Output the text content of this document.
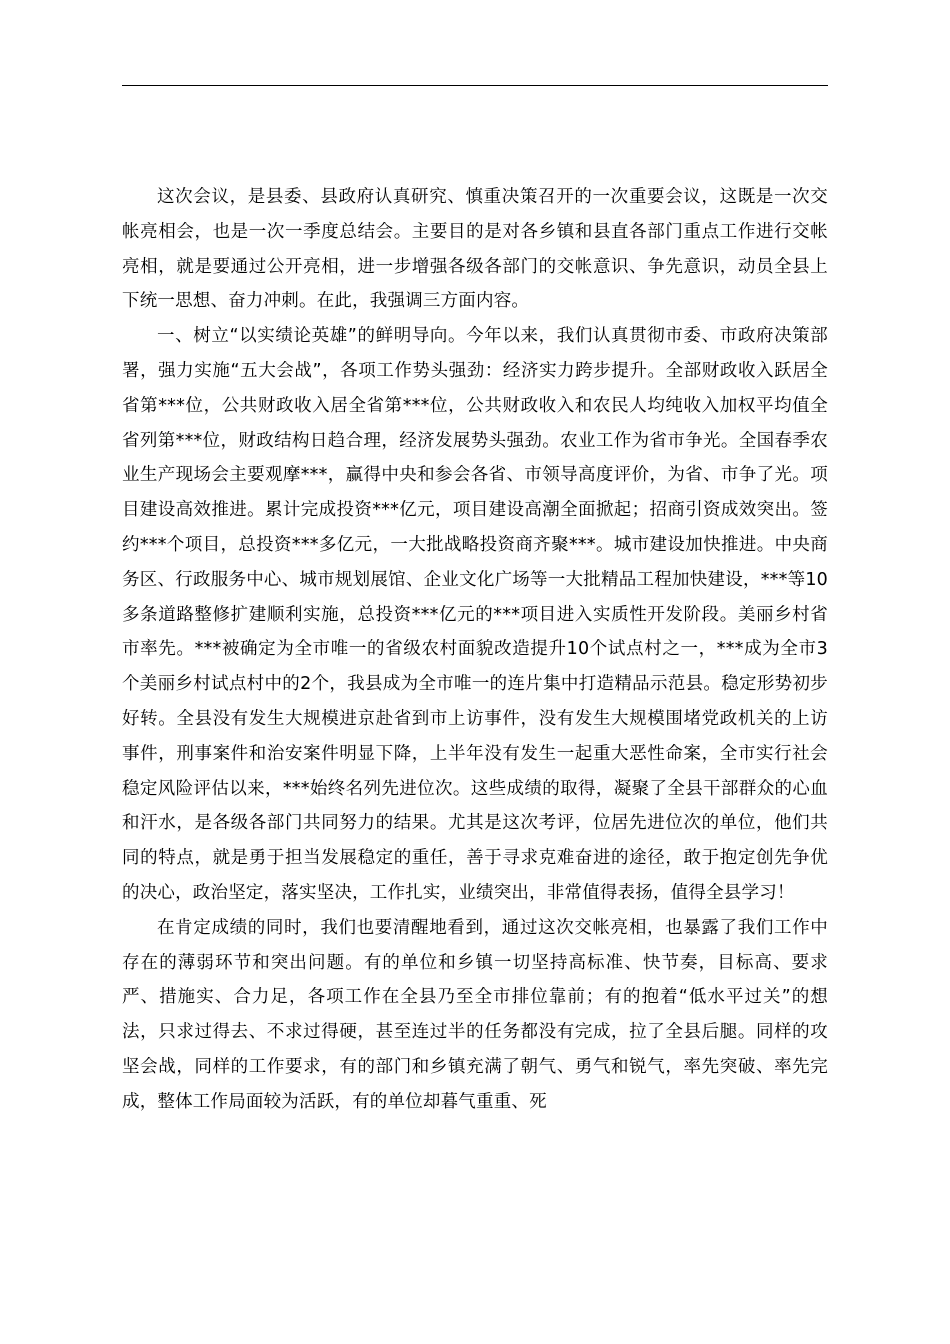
这次会议，是县委、县政府认真研究、慎重决策召开的一次重要会议，这既是一次交帐亮相会，也是一次一季度总结会。主要目的是对各乡镇和县直各部门重点工作进行交帐亮相，就是要通过公开亮相，进一步增强各级各部门的交帐意识、争先意识，动员全县上下统一思想、奋力冲刺。在此，我强调三方面内容。

一、树立“以实绩论英雄”的鲜明导向。今年以来，我们认真贯彻市委、市政府决策部署，强力实施“五大会战”，各项工作势头强劲：经济实力跨步提升。全部财政收入跃居全省第***位，公共财政收入居全省第***位，公共财政收入和农民人均纯收入加权平均值全省列第***位，财政结构日趋合理，经济发展势头强劲。农业工作为省市争光。全国春季农业生产现场会主要观摩***，赢得中央和参会各省、市领导高度评价，为省、市争了光。项目建设高效推进。累计完成投资***亿元，项目建设高潮全面掀起；招商引资成效突出。签约***个项目，总投资***多亿元，一大批战略投资商齐聚***。城市建设加快推进。中央商务区、行政服务中心、城市规划展馆、企业文化广场等一大批精品工程加快建设，***等10多条道路整修扩建顺利实施，总投资***亿元的***项目进入实质性开发阶段。美丽乡村省市率先。***被确定为全市唯一的省级农村面貌改造提升10个试点村之一，***成为全市3个美丽乡村试点村中的2个，我县成为全市唯一的连片集中打造精品示范县。稳定形势初步好转。全县没有发生大规模进京赴省到市上访事件，没有发生大规模围堵党政机关的上访事件，刑事案件和治安案件明显下降，上半年没有发生一起重大恶性命案，全市实行社会稳定风险评估以来，***始终名列先进位次。这些成绩的取得，凝聚了全县干部群众的心血和汗水，是各级各部门共同努力的结果。尤其是这次考评，位居先进位次的单位，他们共同的特点，就是勇于担当发展稳定的重任，善于寻求克难奋进的途径，敢于抱定创先争优的决心，政治坚定，落实坚决，工作扎实，业绩突出，非常值得表扬，值得全县学习！

在肯定成绩的同时，我们也要清醒地看到，通过这次交帐亮相，也暴露了我们工作中存在的薄弱环节和突出问题。有的单位和乡镇一切坚持高标准、快节奏，目标高、要求严、措施实、合力足，各项工作在全县乃至全市排位靠前；有的抱着“低水平过关”的想法，只求过得去、不求过得硬，甚至连过半的任务都没有完成，拉了全县后腿。同样的攻坚会战，同样的工作要求，有的部门和乡镇充满了朝气、勇气和锐气，率先突破、率先完成，整体工作局面较为活跃，有的单位却暮气重重、死
